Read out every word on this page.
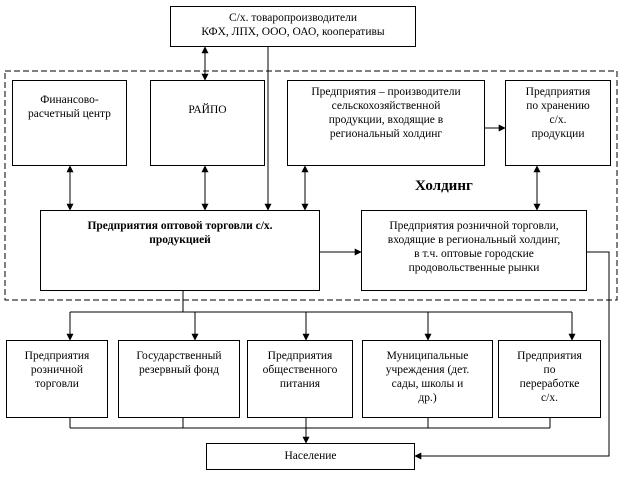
С/х. товаропроизводители
КФХ, ЛПХ, ООО, ОАО, кооперативы
Финансово-
расчетный центр	РАЙПО
Предприятия – производители
сельскохозяйственной
продукции, входящие в
региональный холдинг
Предприятия
по хранению
с/х.
продукции
Холдинг
Предприятия оптовой торговли с/х.
продукцией
Предприятия розничной торговли,
входящие в региональный холдинг,
в т.ч. оптовые городские
продовольственные рынки
Предприятия
розничной
торговли
Государственный
резервный фонд
Предприятия
общественного
питания
Муниципальные
учреждения (дет.
сады, школы и
др.)
Предприятия
по
переработке
с/х.
Население
